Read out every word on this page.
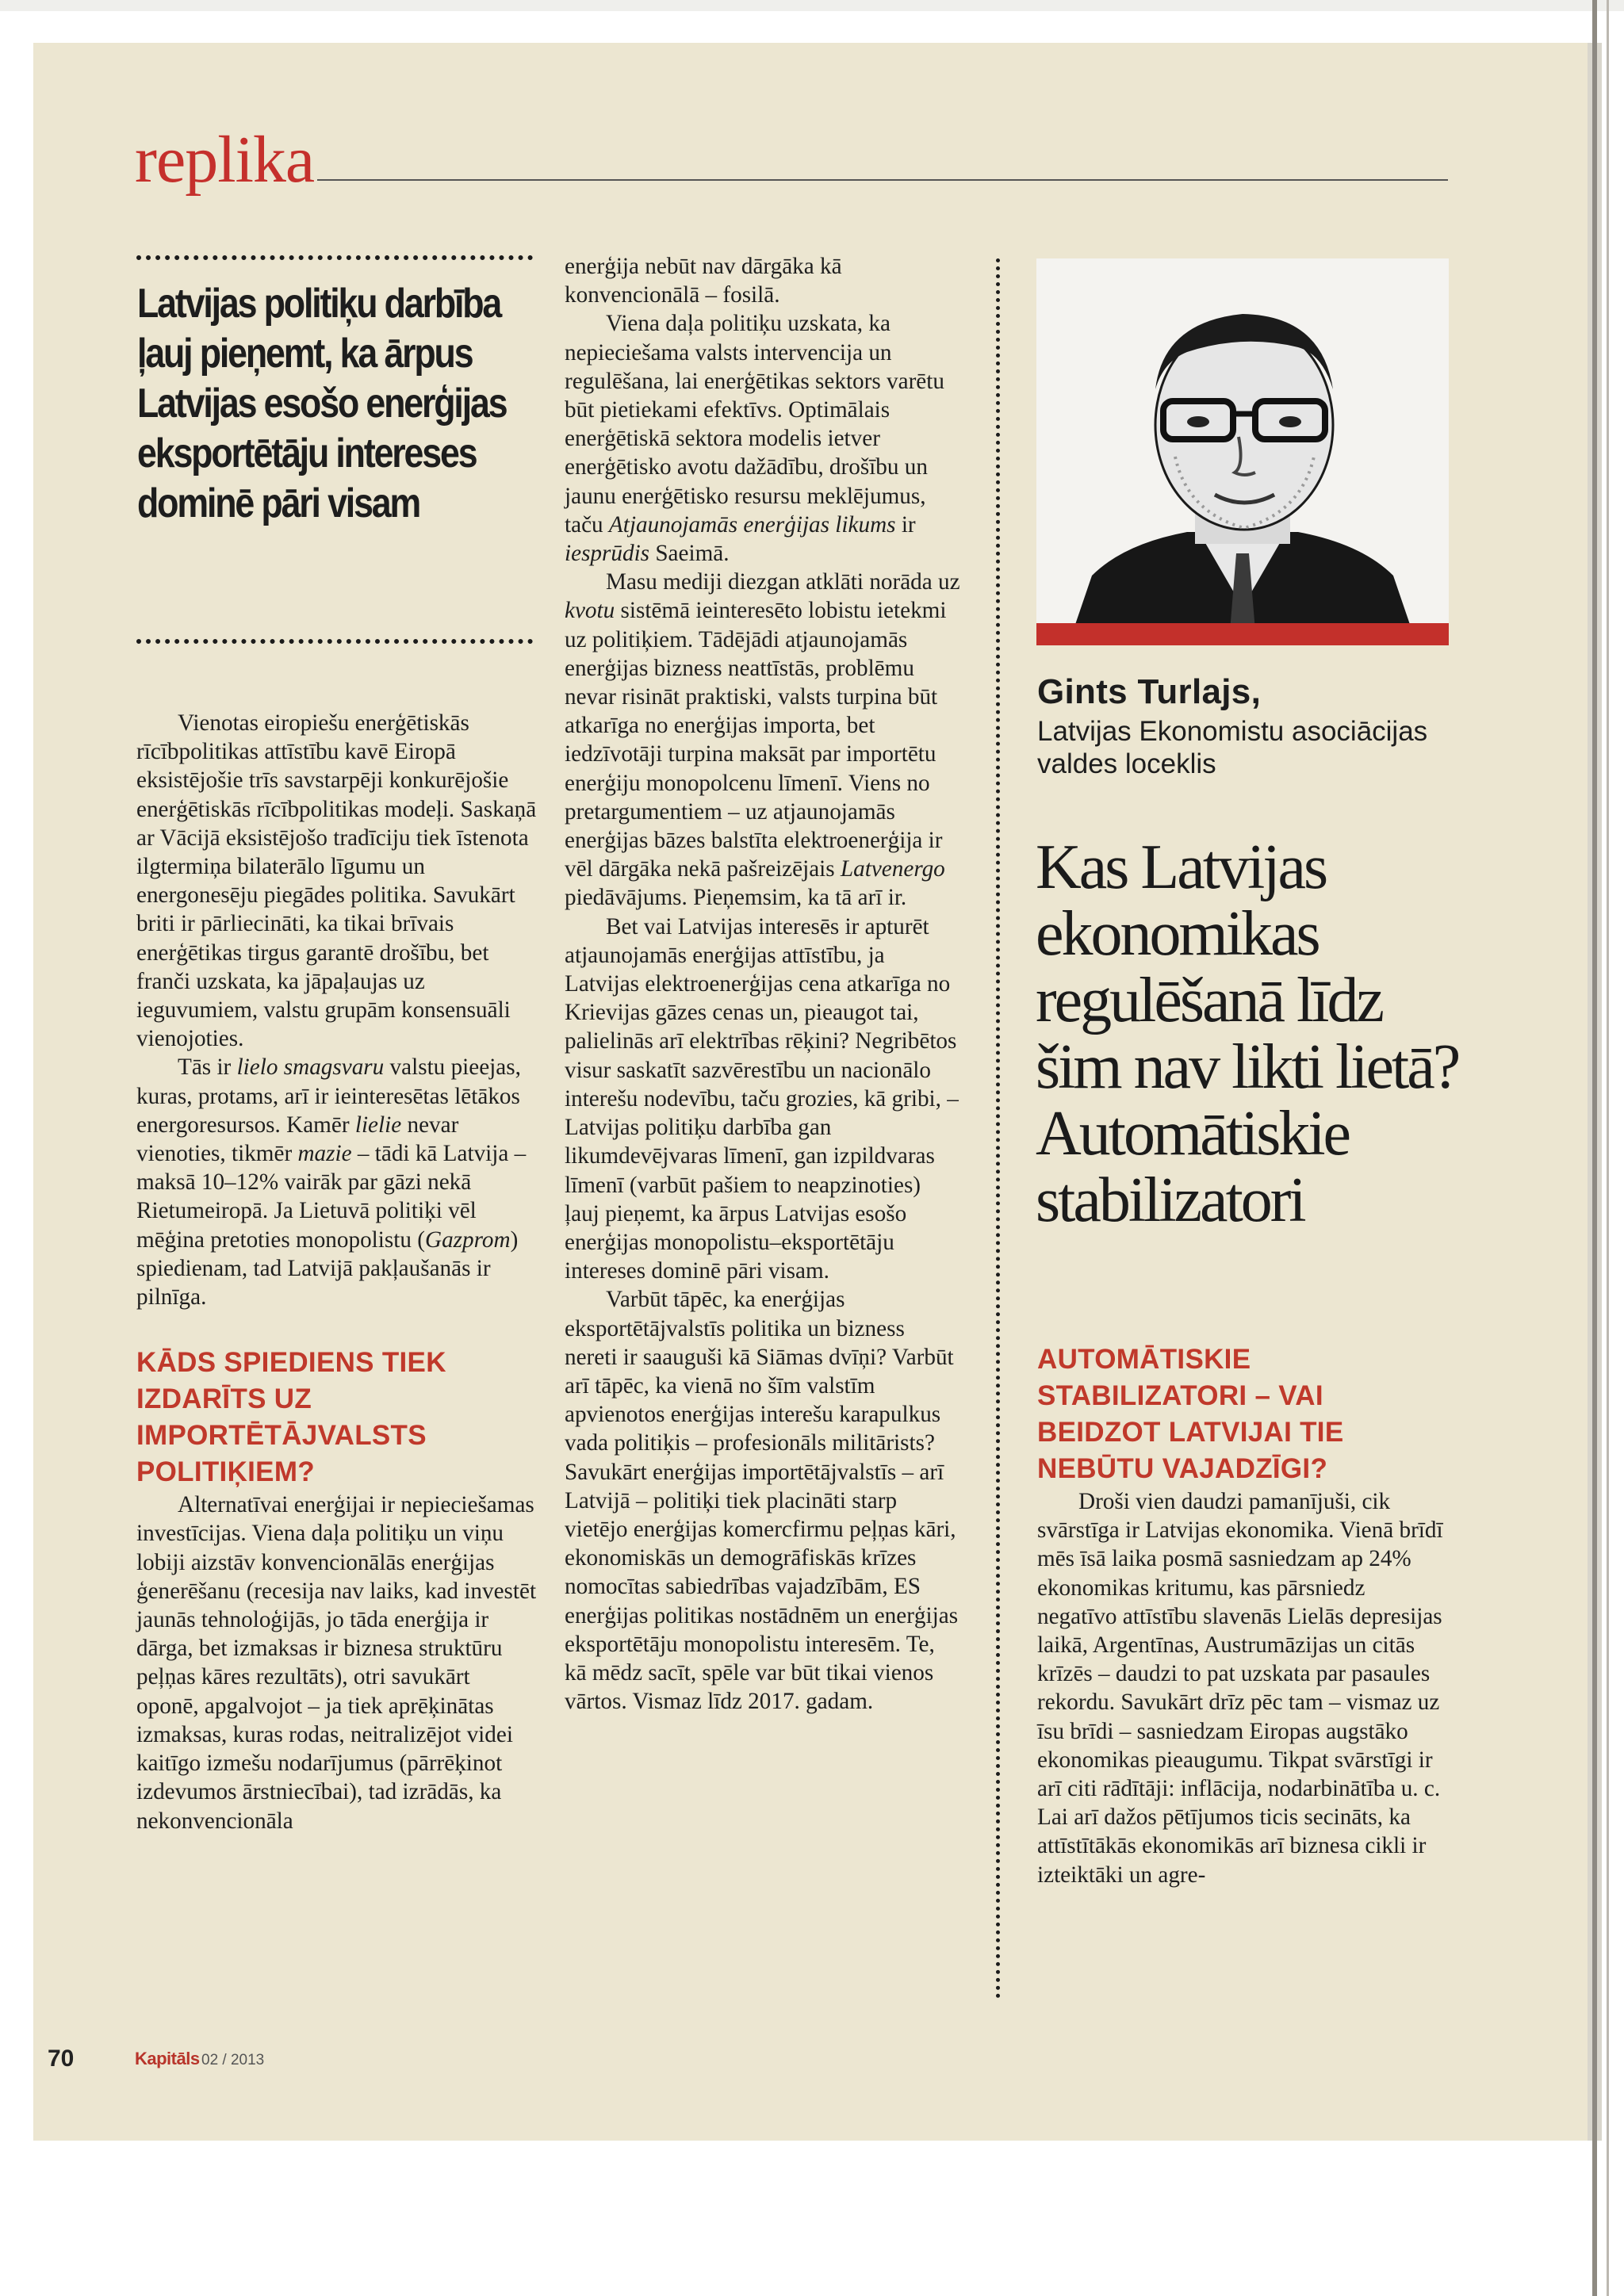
replika
Latvijas politiķu darbība ļauj pieņemt, ka ārpus Latvijas esošo enerģijas eksportētāju intereses dominē pāri visam

Vienotas eiropiešu enerģētiskās rīcībpolitikas attīstību kavē Eiropā eksistējošie trīs savstarpēji konkurējošie enerģētiskās rīcībpolitikas modeļi. Saskaņā ar Vācijā eksistējošo tradīciju tiek īstenota ilgtermiņa bilaterālo līgumu un energonesēju piegādes politika. Savukārt briti ir pārliecināti, ka tikai brīvais enerģētikas tirgus garantē drošību, bet franči uzskata, ka jāpaļaujas uz ieguvumiem, valstu grupām konsensuāli vienojoties.

Tās ir lielo smagsvaru valstu pieejas, kuras, protams, arī ir ieinteresētas lētākos energoresursos. Kamēr lielie nevar vienoties, tikmēr mazie – tādi kā Latvija – maksā 10–12% vairāk par gāzi nekā Rietumeiropā. Ja Lietuvā politiķi vēl mēģina pretoties monopolistu (Gazprom) spiedienam, tad Latvijā pakļaušanās ir pilnīga.

KĀDS SPIEDIENS TIEK IZDARĪTS UZ IMPORTĒTĀJVALSTS POLITIĶIEM?

Alternatīvai enerģijai ir nepieciešamas investīcijas. Viena daļa politiķu un viņu lobiji aizstāv konvencionālās enerģijas ģenerēšanu (recesija nav laiks, kad investēt jaunās tehnoloģijās, jo tāda enerģija ir dārga, bet izmaksas ir biznesa struktūru peļņas kāres rezultāts), otri savukārt oponē, apgalvojot – ja tiek aprēķinātas izmaksas, kuras rodas, neitralizējot videi kaitīgo izmešu nodarījumus (pārrēķinot izdevumos ārstniecībai), tad izrādās, ka nekonvencionāla

enerģija nebūt nav dārgāka kā konvencionālā – fosilā.

Viena daļa politiķu uzskata, ka nepieciešama valsts intervencija un regulēšana, lai enerģētikas sektors varētu būt pietiekami efektīvs. Optimālais enerģētiskā sektora modelis ietver enerģētisko avotu dažādību, drošību un jaunu enerģētisko resursu meklējumus, taču Atjaunojamās enerģijas likums ir iesprūdis Saeimā.

Masu mediji diezgan atklāti norāda uz kvotu sistēmā ieinteresēto lobistu ietekmi uz politiķiem. Tādējādi atjaunojamās enerģijas bizness neattīstās, problēmu nevar risināt praktiski, valsts turpina būt atkarīga no enerģijas importa, bet iedzīvotāji turpina maksāt par importētu enerģiju monopolcenu līmenī. Viens no pretargumentiem – uz atjaunojamās enerģijas bāzes balstīta elektroenerģija ir vēl dārgāka nekā pašreizējais Latvenergo piedāvājums. Pieņemsim, ka tā arī ir.

Bet vai Latvijas interesēs ir apturēt atjaunojamās enerģijas attīstību, ja Latvijas elektroenerģijas cena atkarīga no Krievijas gāzes cenas un, pieaugot tai, palielinās arī elektrības rēķini? Negribētos visur saskatīt sazvērestību un nacionālo interešu nodevību, taču grozies, kā gribi, – Latvijas politiķu darbība gan likumdevējvaras līmenī, gan izpildvaras līmenī (varbūt pašiem to neapzinoties) ļauj pieņemt, ka ārpus Latvijas esošo enerģijas monopolistu–eksportētāju intereses dominē pāri visam.

Varbūt tāpēc, ka enerģijas eksportētājvalstīs politika un bizness nereti ir saauguši kā Siāmas dvīņi? Varbūt arī tāpēc, ka vienā no šīm valstīm apvienotos enerģijas interešu karapulkus vada politiķis – profesionāls militārists? Savukārt enerģijas importētājvalstīs – arī Latvijā – politiķi tiek placināti starp vietējo enerģijas komercfirmu peļņas kāri, ekonomiskās un demogrāfiskās krīzes nomocītas sabiedrības vajadzībām, ES enerģijas politikas nostādnēm un enerģijas eksportētāju monopolistu interesēm. Te, kā mēdz sacīt, spēle var būt tikai vienos vārtos. Vismaz līdz 2017. gadam.

Gints Turlajs,
Latvijas Ekonomistu asociācijas valdes loceklis
Kas Latvijas ekonomikas regulēšanā līdz šim nav likti lietā? Automātiskie stabilizatori
AUTOMĀTISKIE STABILIZATORI – VAI BEIDZOT LATVIJAI TIE NEBŪTU VAJADZĪGI?

Droši vien daudzi pamanījuši, cik svārstīga ir Latvijas ekonomika. Vienā brīdī mēs īsā laika posmā sasniedzam ap 24% ekonomikas kritumu, kas pārsniedz negatīvo attīstību slavenās Lielās depresijas laikā, Argentīnas, Austrumāzijas un citās krīzēs – daudzi to pat uzskata par pasaules rekordu. Savukārt drīz pēc tam – vismaz uz īsu brīdi – sasniedzam Eiropas augstāko ekonomikas pieaugumu. Tikpat svārstīgi ir arī citi rādītāji: inflācija, nodarbinātība u. c. Lai arī dažos pētījumos ticis secināts, ka attīstītākās ekonomikās arī biznesa cikli ir izteiktāki un agre-

70	Kapitāls 02 / 2013
